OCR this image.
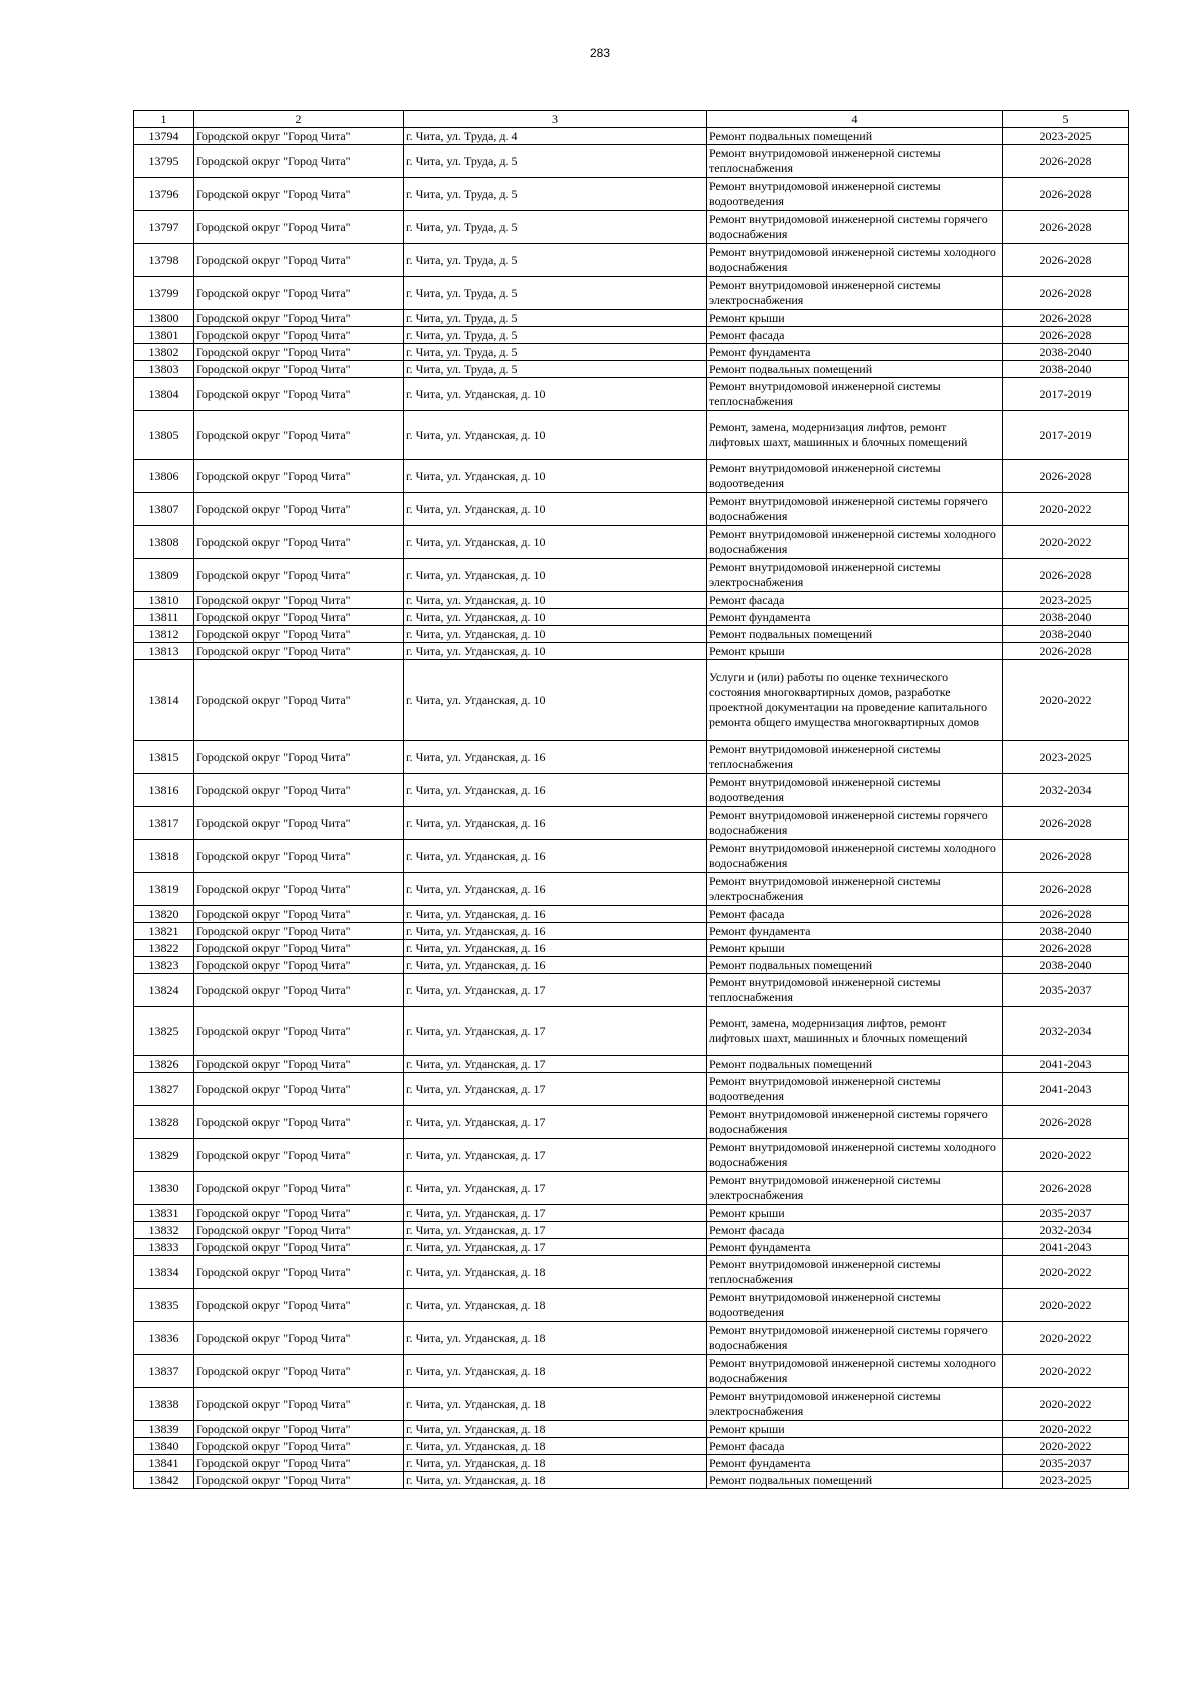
283
1	2	3	4	5
13794	Городской округ "Город Чита"	г. Чита, ул. Труда, д. 4	Ремонт подвальных помещений	2023-2025
13795	Городской округ "Город Чита"	г. Чита, ул. Труда, д. 5	Ремонт внутридомовой инженерной системы теплоснабжения	2026-2028
13796	Городской округ "Город Чита"	г. Чита, ул. Труда, д. 5	Ремонт внутридомовой инженерной системы водоотведения	2026-2028
13797	Городской округ "Город Чита"	г. Чита, ул. Труда, д. 5	Ремонт внутридомовой инженерной системы горячего водоснабжения	2026-2028
13798	Городской округ "Город Чита"	г. Чита, ул. Труда, д. 5	Ремонт внутридомовой инженерной системы холодного водоснабжения	2026-2028
13799	Городской округ "Город Чита"	г. Чита, ул. Труда, д. 5	Ремонт внутридомовой инженерной системы электроснабжения	2026-2028
13800	Городской округ "Город Чита"	г. Чита, ул. Труда, д. 5	Ремонт крыши	2026-2028
13801	Городской округ "Город Чита"	г. Чита, ул. Труда, д. 5	Ремонт фасада	2026-2028
13802	Городской округ "Город Чита"	г. Чита, ул. Труда, д. 5	Ремонт фундамента	2038-2040
13803	Городской округ "Город Чита"	г. Чита, ул. Труда, д. 5	Ремонт подвальных помещений	2038-2040
13804	Городской округ "Город Чита"	г. Чита, ул. Угданская, д. 10	Ремонт внутридомовой инженерной системы теплоснабжения	2017-2019
13805	Городской округ "Город Чита"	г. Чита, ул. Угданская, д. 10	Ремонт, замена, модернизация лифтов, ремонт лифтовых шахт, машинных и блочных помещений	2017-2019
13806	Городской округ "Город Чита"	г. Чита, ул. Угданская, д. 10	Ремонт внутридомовой инженерной системы водоотведения	2026-2028
13807	Городской округ "Город Чита"	г. Чита, ул. Угданская, д. 10	Ремонт внутридомовой инженерной системы горячего водоснабжения	2020-2022
13808	Городской округ "Город Чита"	г. Чита, ул. Угданская, д. 10	Ремонт внутридомовой инженерной системы холодного водоснабжения	2020-2022
13809	Городской округ "Город Чита"	г. Чита, ул. Угданская, д. 10	Ремонт внутридомовой инженерной системы электроснабжения	2026-2028
13810	Городской округ "Город Чита"	г. Чита, ул. Угданская, д. 10	Ремонт фасада	2023-2025
13811	Городской округ "Город Чита"	г. Чита, ул. Угданская, д. 10	Ремонт фундамента	2038-2040
13812	Городской округ "Город Чита"	г. Чита, ул. Угданская, д. 10	Ремонт подвальных помещений	2038-2040
13813	Городской округ "Город Чита"	г. Чита, ул. Угданская, д. 10	Ремонт крыши	2026-2028
13814	Городской округ "Город Чита"	г. Чита, ул. Угданская, д. 10	Услуги и (или) работы по оценке технического состояния многоквартирных домов, разработке проектной документации на проведение капитального ремонта общего имущества многоквартирных домов	2020-2022
13815	Городской округ "Город Чита"	г. Чита, ул. Угданская, д. 16	Ремонт внутридомовой инженерной системы теплоснабжения	2023-2025
13816	Городской округ "Город Чита"	г. Чита, ул. Угданская, д. 16	Ремонт внутридомовой инженерной системы водоотведения	2032-2034
13817	Городской округ "Город Чита"	г. Чита, ул. Угданская, д. 16	Ремонт внутридомовой инженерной системы горячего водоснабжения	2026-2028
13818	Городской округ "Город Чита"	г. Чита, ул. Угданская, д. 16	Ремонт внутридомовой инженерной системы холодного водоснабжения	2026-2028
13819	Городской округ "Город Чита"	г. Чита, ул. Угданская, д. 16	Ремонт внутридомовой инженерной системы электроснабжения	2026-2028
13820	Городской округ "Город Чита"	г. Чита, ул. Угданская, д. 16	Ремонт фасада	2026-2028
13821	Городской округ "Город Чита"	г. Чита, ул. Угданская, д. 16	Ремонт фундамента	2038-2040
13822	Городской округ "Город Чита"	г. Чита, ул. Угданская, д. 16	Ремонт крыши	2026-2028
13823	Городской округ "Город Чита"	г. Чита, ул. Угданская, д. 16	Ремонт подвальных помещений	2038-2040
13824	Городской округ "Город Чита"	г. Чита, ул. Угданская, д. 17	Ремонт внутридомовой инженерной системы теплоснабжения	2035-2037
13825	Городской округ "Город Чита"	г. Чита, ул. Угданская, д. 17	Ремонт, замена, модернизация лифтов, ремонт лифтовых шахт, машинных и блочных помещений	2032-2034
13826	Городской округ "Город Чита"	г. Чита, ул. Угданская, д. 17	Ремонт подвальных помещений	2041-2043
13827	Городской округ "Город Чита"	г. Чита, ул. Угданская, д. 17	Ремонт внутридомовой инженерной системы водоотведения	2041-2043
13828	Городской округ "Город Чита"	г. Чита, ул. Угданская, д. 17	Ремонт внутридомовой инженерной системы горячего водоснабжения	2026-2028
13829	Городской округ "Город Чита"	г. Чита, ул. Угданская, д. 17	Ремонт внутридомовой инженерной системы холодного водоснабжения	2020-2022
13830	Городской округ "Город Чита"	г. Чита, ул. Угданская, д. 17	Ремонт внутридомовой инженерной системы электроснабжения	2026-2028
13831	Городской округ "Город Чита"	г. Чита, ул. Угданская, д. 17	Ремонт крыши	2035-2037
13832	Городской округ "Город Чита"	г. Чита, ул. Угданская, д. 17	Ремонт фасада	2032-2034
13833	Городской округ "Город Чита"	г. Чита, ул. Угданская, д. 17	Ремонт фундамента	2041-2043
13834	Городской округ "Город Чита"	г. Чита, ул. Угданская, д. 18	Ремонт внутридомовой инженерной системы теплоснабжения	2020-2022
13835	Городской округ "Город Чита"	г. Чита, ул. Угданская, д. 18	Ремонт внутридомовой инженерной системы водоотведения	2020-2022
13836	Городской округ "Город Чита"	г. Чита, ул. Угданская, д. 18	Ремонт внутридомовой инженерной системы горячего водоснабжения	2020-2022
13837	Городской округ "Город Чита"	г. Чита, ул. Угданская, д. 18	Ремонт внутридомовой инженерной системы холодного водоснабжения	2020-2022
13838	Городской округ "Город Чита"	г. Чита, ул. Угданская, д. 18	Ремонт внутридомовой инженерной системы электроснабжения	2020-2022
13839	Городской округ "Город Чита"	г. Чита, ул. Угданская, д. 18	Ремонт крыши	2020-2022
13840	Городской округ "Город Чита"	г. Чита, ул. Угданская, д. 18	Ремонт фасада	2020-2022
13841	Городской округ "Город Чита"	г. Чита, ул. Угданская, д. 18	Ремонт фундамента	2035-2037
13842	Городской округ "Город Чита"	г. Чита, ул. Угданская, д. 18	Ремонт подвальных помещений	2023-2025
